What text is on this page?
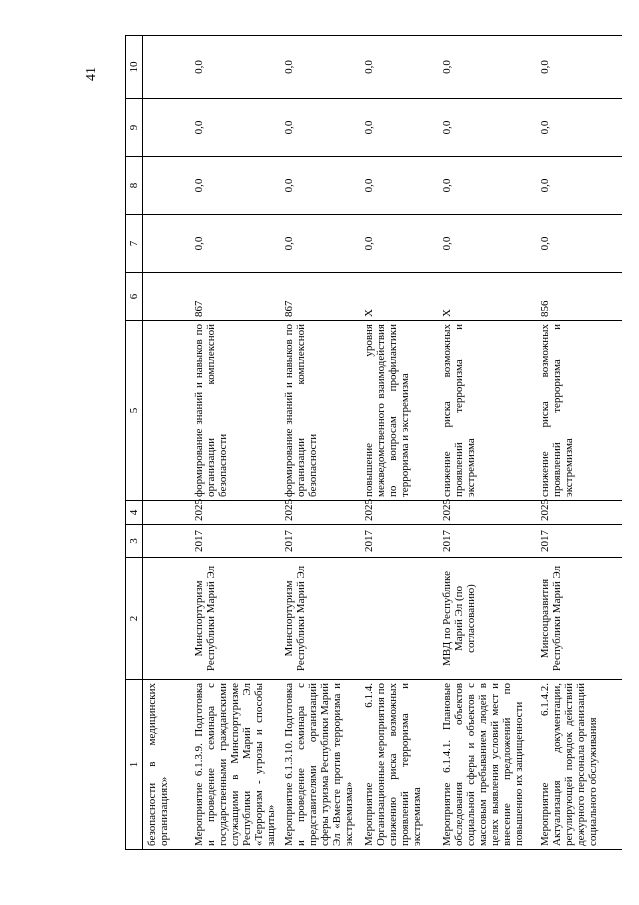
41
1	2	3	4	5	6	7	8	9	10
безопасности в медицинских организациях»									
Мероприятие 6.1.3.9. Подготовка и проведение семинара с государственными гражданскими служащими в Минспортуризме Республики Марий Эл «Терроризм - угрозы и способы защиты»	Минспортуризм Республики Марий Эл	2017	2025	формирование знаний и навыков по организации комплексной безопасности	867	0,0	0,0	0,0	0,0
Мероприятие 6.1.3.10. Подготовка и проведение семинара с представителями организаций сферы туризма Республики Марий Эл «Вместе против терроризма и экстремизма»	Минспортуризм Республики Марий Эл	2017	2025	формирование знаний и навыков по организации комплексной безопасности	867	0,0	0,0	0,0	0,0
Мероприятие 6.1.4. Организационные мероприятия по снижению риска возможных проявлений терроризма и экстремизма		2017	2025	повышение уровня межведомственного взаимодействия по вопросам профилактики терроризма и экстремизма	Х	0,0	0,0	0,0	0,0
Мероприятие 6.1.4.1. Плановые обследования объектов социальной сферы и объектов с массовым пребыванием людей в целях выявления условий мест и внесение предложений по повышению их защищенности	МВД по Республике Марий Эл (по согласованию)	2017	2025	снижение риска возможных проявлений терроризма и экстремизма	Х	0,0	0,0	0,0	0,0
Мероприятие 6.1.4.2. Актуализация документации, регулирующей порядок действий дежурного персонала организаций социального обслуживания	Минсоцразвития Республики Марий Эл	2017	2025	снижение риска возможных проявлений терроризма и экстремизма	856	0,0	0,0	0,0	0,0
